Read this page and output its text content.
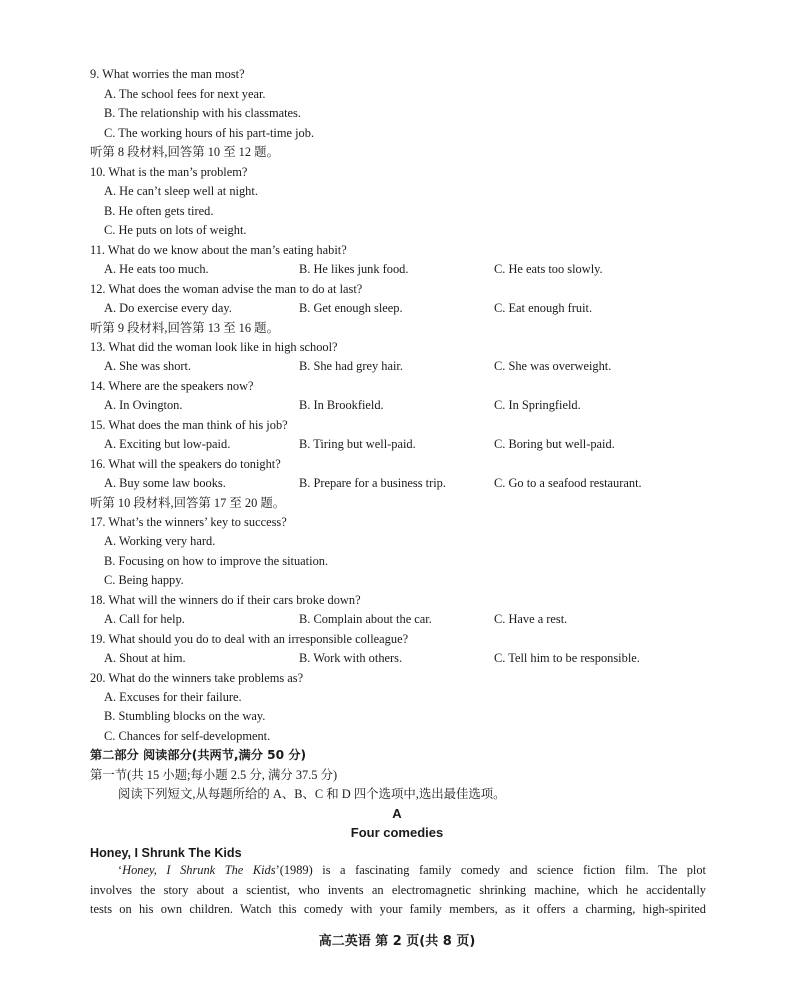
9. What worries the man most?
A. The school fees for next year.
B. The relationship with his classmates.
C. The working hours of his part-time job.
听第 8 段材料,回答第 10 至 12 题。
10. What is the man’s problem?
A. He can’t sleep well at night.
B. He often gets tired.
C. He puts on lots of weight.
11. What do we know about the man’s eating habit?
A. He eats too much.	B. He likes junk food.	C. He eats too slowly.
12. What does the woman advise the man to do at last?
A. Do exercise every day.	B. Get enough sleep.	C. Eat enough fruit.
听第 9 段材料,回答第 13 至 16 题。
13. What did the woman look like in high school?
A. She was short.	B. She had grey hair.	C. She was overweight.
14. Where are the speakers now?
A. In Ovington.	B. In Brookfield.	C. In Springfield.
15. What does the man think of his job?
A. Exciting but low-paid.	B. Tiring but well-paid.	C. Boring but well-paid.
16. What will the speakers do tonight?
A. Buy some law books.	B. Prepare for a business trip.	C. Go to a seafood restaurant.
听第 10 段材料,回答第 17 至 20 题。
17. What’s the winners’ key to success?
A. Working very hard.
B. Focusing on how to improve the situation.
C. Being happy.
18. What will the winners do if their cars broke down?
A. Call for help.	B. Complain about the car.	C. Have a rest.
19. What should you do to deal with an irresponsible colleague?
A. Shout at him.	B. Work with others.	C. Tell him to be responsible.
20. What do the winners take problems as?
A. Excuses for their failure.
B. Stumbling blocks on the way.
C. Chances for self-development.
第二部分 阅读部分(共两节,满分 50 分)
第一节(共 15 小题;每小题 2.5 分, 满分 37.5 分)
阅读下列短文,从每题所给的 A、B、C 和 D 四个选项中,选出最佳选项。
A
Four comedies
Honey, I Shrunk The Kids
‘Honey, I Shrunk The Kids’(1989) is a fascinating family comedy and science fiction film. The plot
involves the story about a scientist, who invents an electromagnetic shrinking machine, which he accidentally
tests on his own children. Watch this comedy with your family members, as it offers a charming, high-spirited
高二英语 第 2 页(共 8 页)
